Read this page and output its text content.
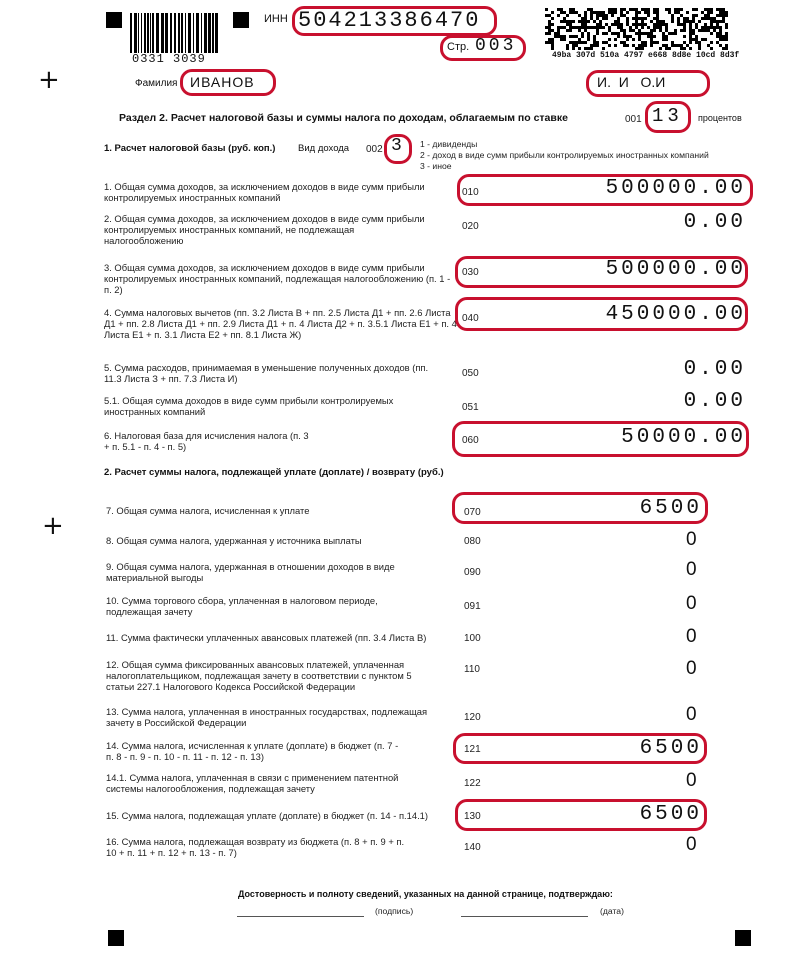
+
+
0331 3039
ИНН 504213386470
Стр. 003	49ba 307d 510a 4797 e668 8d8e 10cd 8d3f
Фамилия ИВАНОВ	И.  И   О.И
Раздел 2. Расчет налоговой базы и суммы налога по доходам, облагаемым по ставке	001 13 процентов
1. Расчет налоговой базы (руб. коп.) Вид дохода 002 3 1 - дивиденды
2 - доход в виде сумм прибыли контролируемых иностранных компаний
3 - иное
1. Общая сумма доходов, за исключением доходов в виде сумм прибыли контролируемых иностранных компаний	010	500000.00
2. Общая сумма доходов, за исключением доходов в виде сумм прибыли контролируемых иностранных компаний, не подлежащая налогообложению
020	0.00
3. Общая сумма доходов, за исключением доходов в виде сумм прибыли контролируемых иностранных компаний, подлежащая налогообложению (п. 1 - п. 2)
030	500000.00
4. Сумма налоговых вычетов (пп. 3.2 Листа В + пп. 2.5 Листа Д1 + пп. 2.6 Листа Д1 + пп. 2.8 Листа Д1 + пп. 2.9 Листа Д1 + п. 4 Листа Д2 + п. 3.5.1 Листа Е1 + п. 4 Листа Е1 + п. 3.1 Листа Е2 + пп. 8.1 Листа Ж)
040	450000.00
5. Сумма расходов, принимаемая в уменьшение полученных доходов (пп. 11.3 Листа З + пп. 7.3 Листа И)	050	0.00
5.1. Общая сумма доходов в виде сумм прибыли контролируемых иностранных компаний	051	0.00
6. Налоговая база для исчисления налога (п. 3 + п. 5.1 - п. 4 - п. 5)
060	50000.00
2. Расчет суммы налога, подлежащей уплате (доплате) / возврату (руб.)
7. Общая сумма налога, исчисленная к уплате	070	6500
8. Общая сумма налога, удержанная у источника выплаты	080	0
9. Общая сумма налога, удержанная в отношении доходов в виде материальной выгоды	090	0
10. Сумма торгового сбора, уплаченная в налоговом периоде, подлежащая зачету	091	0
11. Сумма фактически уплаченных авансовых платежей (пп. 3.4 Листа В)	100	0
12. Общая сумма фиксированных авансовых платежей, уплаченная налогоплательщиком, подлежащая зачету в соответствии с пунктом 5 статьи 227.1 Налогового Кодекса Российской Федерации
110	0
13. Сумма налога, уплаченная в иностранных государствах, подлежащая зачету в Российской Федерации	120	0
14. Сумма налога, исчисленная к уплате (доплате) в бюджет (п. 7 - п. 8 - п. 9 - п. 10 - п. 11 - п. 12 - п. 13)
121	6500
14.1. Сумма налога, уплаченная в связи с применением патентной системы налогообложения, подлежащая зачету	122	0
15. Сумма налога, подлежащая уплате (доплате) в бюджет (п. 14 - п.14.1)	130	6500
16. Сумма налога, подлежащая возврату из бюджета (п. 8 + п. 9 + п. 10 + п. 11 + п. 12 + п. 13 - п. 7)	140	0
Достоверность и полноту сведений, указанных на данной странице, подтверждаю:
(подпись)	(дата)
